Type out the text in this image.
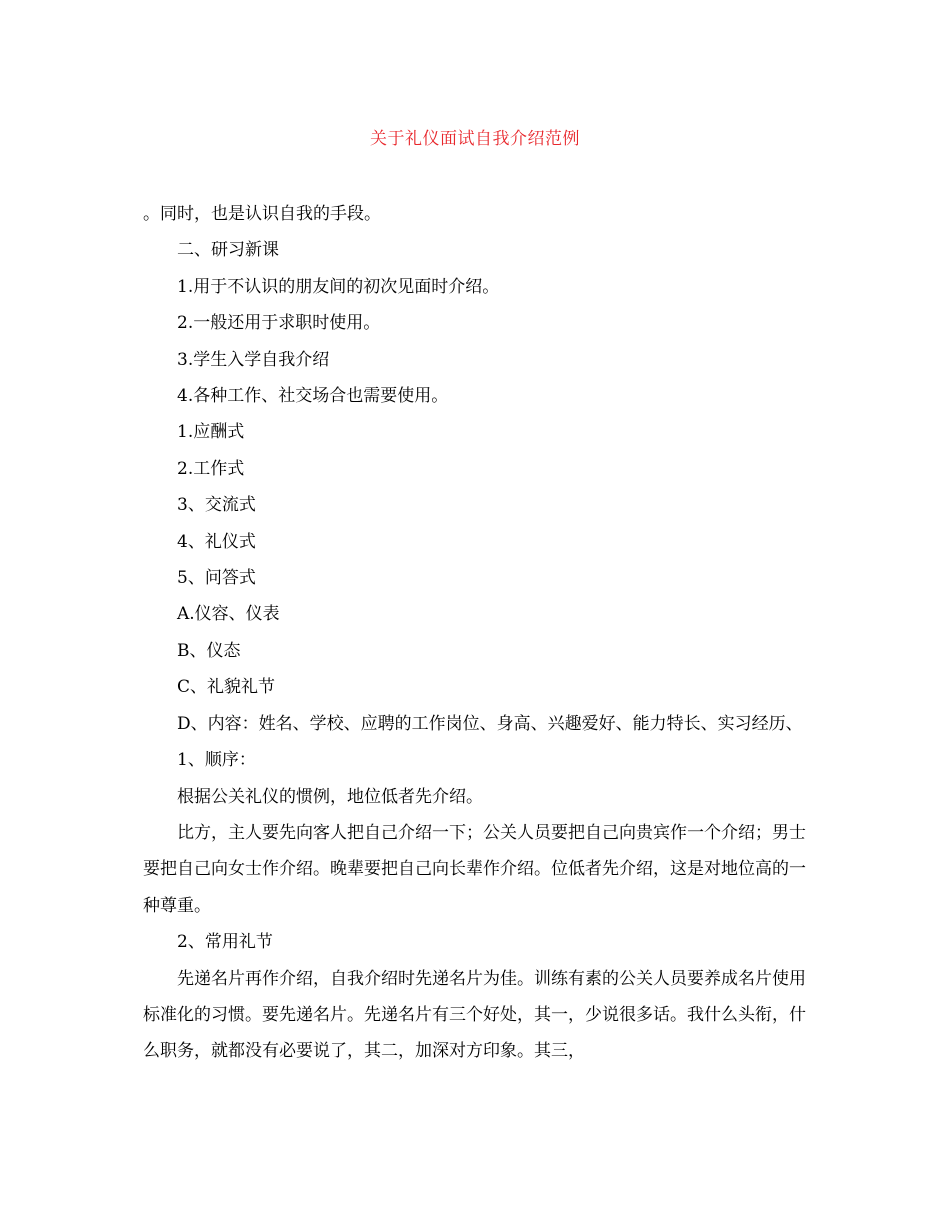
关于礼仪面试自我介绍范例

。同时，也是认识自我的手段。

二、研习新课

1.用于不认识的朋友间的初次见面时介绍。

2.一般还用于求职时使用。

3.学生入学自我介绍

4.各种工作、社交场合也需要使用。

1.应酬式

2.工作式

3、交流式

4、礼仪式

5、问答式

A.仪容、仪表

B、仪态

C、礼貌礼节

D、内容：姓名、学校、应聘的工作岗位、身高、兴趣爱好、能力特长、实习经历、

1、顺序：

根据公关礼仪的惯例，地位低者先介绍。

比方，主人要先向客人把自己介绍一下；公关人员要把自己向贵宾作一个介绍；男士要把自己向女士作介绍。晚辈要把自己向长辈作介绍。位低者先介绍，这是对地位高的一种尊重。

2、常用礼节

先递名片再作介绍，自我介绍时先递名片为佳。训练有素的公关人员要养成名片使用标准化的习惯。要先递名片。先递名片有三个好处，其一，少说很多话。我什么头衔，什么职务，就都没有必要说了，其二，加深对方印象。其三，
